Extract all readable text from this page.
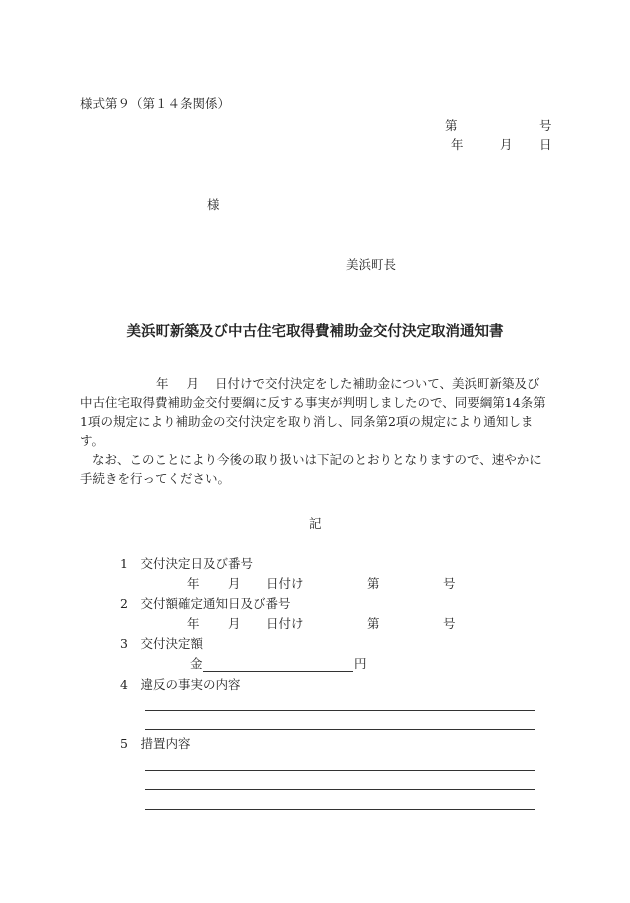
様式第９（第１４条関係）
第	号
年	月 日
様
美浜町長
美浜町新築及び中古住宅取得費補助金交付決定取消通知書
年 月 日付けで交付決定をした補助金について、美浜町新築及び中古住宅取得費補助金交付要綱に反する事実が判明しましたので、同要綱第14条第1項の規定により補助金の交付決定を取り消し、同条第2項の規定により通知します。
なお、このことにより今後の取り扱いは下記のとおりとなりますので、速やかに手続きを行ってください。
記
1　交付決定日及び番号
年 月 日付け	第	号
2　交付額確定通知日及び番号
年 月 日付け	第	号
3　交付決定額
金	円
4　違反の事実の内容
5　措置内容
